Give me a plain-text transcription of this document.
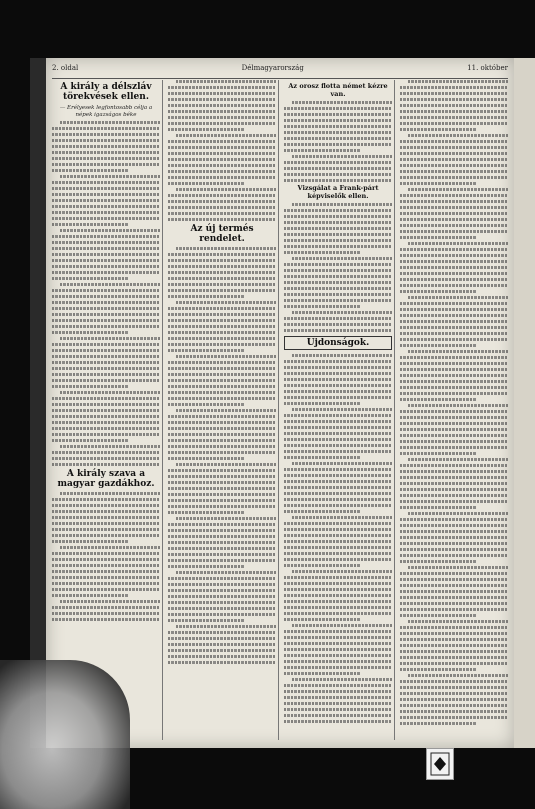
2. oldal	Délmagyarország	11. október
A király a délszláv törekvések ellen.
— Erélyesek legfontosabb célja a népek igazságos béke
A király szava a magyar gazdákhoz.
Az új termés rendelet.
Az orosz flotta német kézre van.
Vizsgálat a Frank-párt képviselők ellen.
Ujdonságok.
